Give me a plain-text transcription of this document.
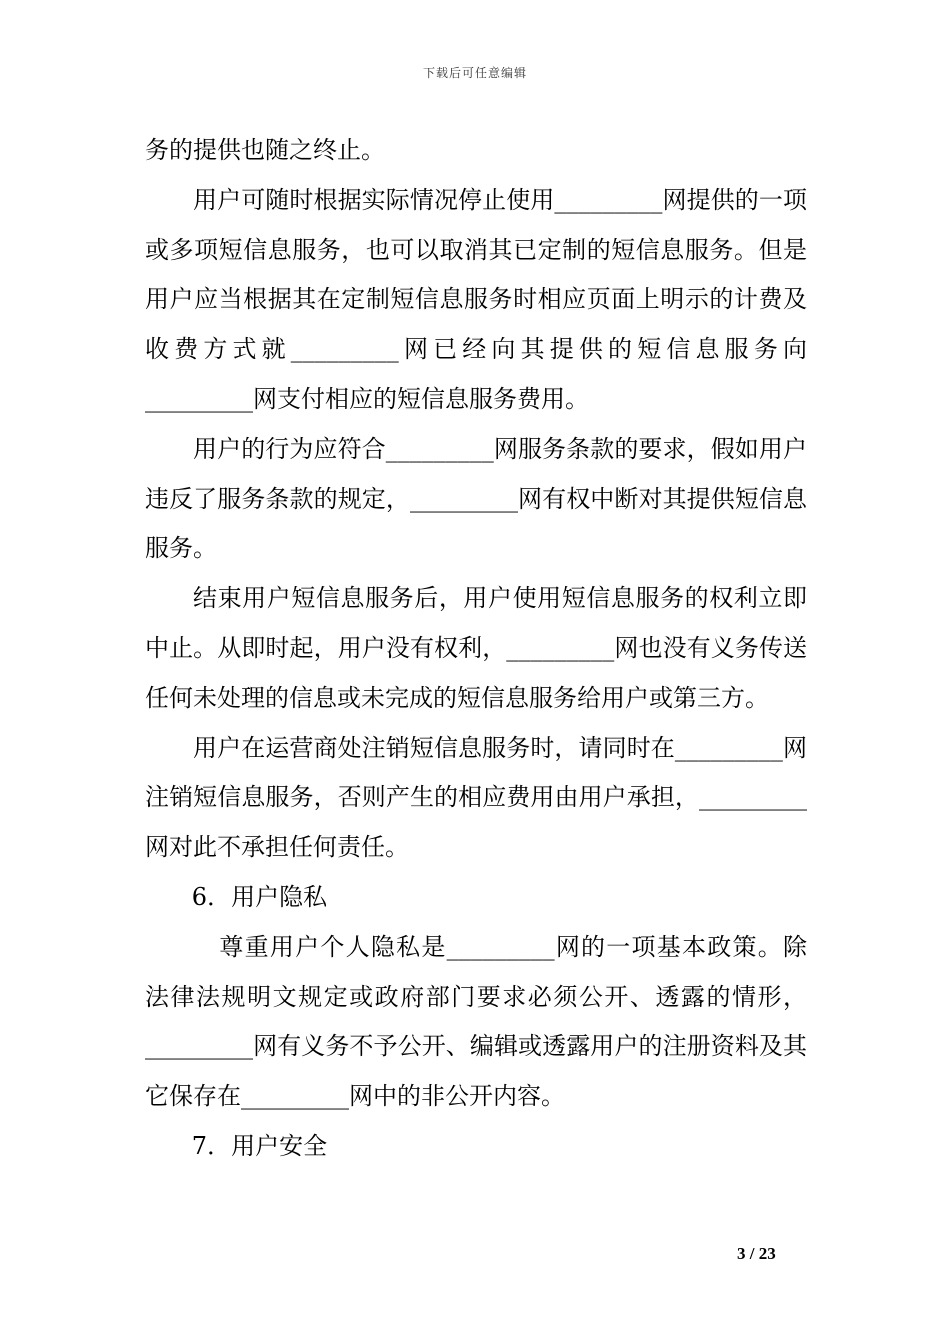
下载后可任意编辑

务的提供也随之终止。

用户可随时根据实际情况停止使用_________网提供的一项或多项短信息服务，也可以取消其已定制的短信息服务。但是用户应当根据其在定制短信息服务时相应页面上明示的计费及收费方式就_________网已经向其提供的短信息服务向_________网支付相应的短信息服务费用。

用户的行为应符合_________网服务条款的要求，假如用户违反了服务条款的规定，_________网有权中断对其提供短信息服务。

结束用户短信息服务后，用户使用短信息服务的权利立即中止。从即时起，用户没有权利，_________网也没有义务传送任何未处理的信息或未完成的短信息服务给用户或第三方。

用户在运营商处注销短信息服务时，请同时在_________网注销短信息服务，否则产生的相应费用由用户承担，_________网对此不承担任何责任。

6．用户隐私

尊重用户个人隐私是_________网的一项基本政策。除法律法规明文规定或政府部门要求必须公开、透露的情形，_________网有义务不予公开、编辑或透露用户的注册资料及其它保存在_________网中的非公开内容。

7．用户安全

3 / 23
